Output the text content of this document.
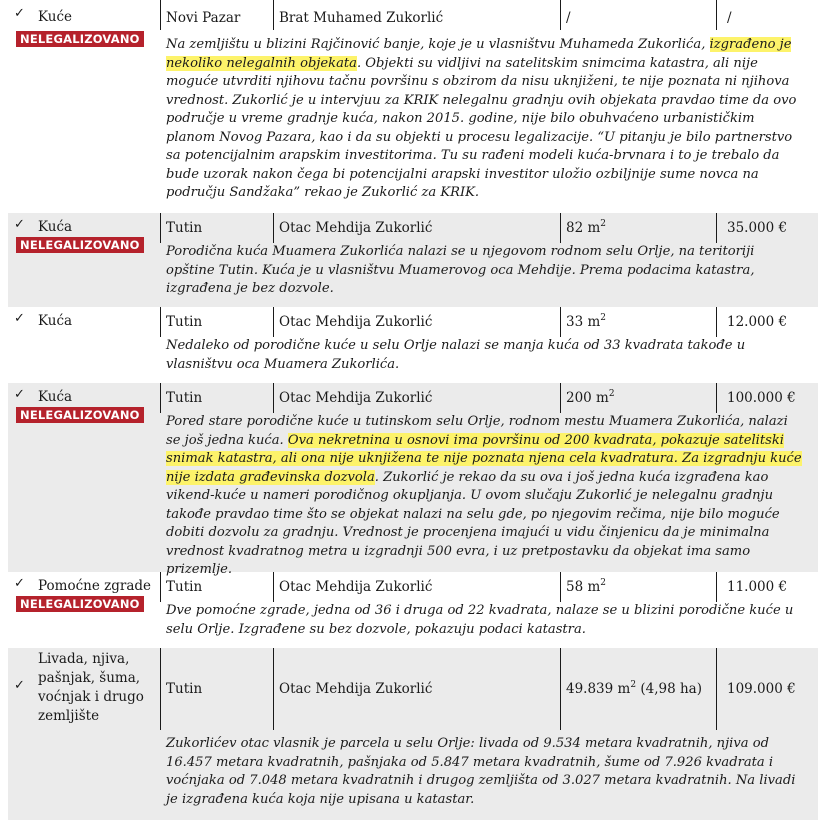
✓ Kuće
NELEGALIZOVANO
Novi Pazar	Brat Muhamed Zukorlić	/	/
Na zemljištu u blizini Rajčinović banje, koje je u vlasništvu Muhameda Zukorlića, izgrađeno je nekoliko nelegalnih objekata. Objekti su vidljivi na satelitskim snimcima katastra, ali nije moguće utvrditi njihovu tačnu površinu s obzirom da nisu uknjiženi, te nije poznata ni njihova vrednost. Zukorlić je u intervjuu za KRIK nelegalnu gradnju ovih objekata pravdao time da ovo područje u vreme gradnje kuća, nakon 2015. godine, nije bilo obuhvaćeno urbanističkim planom Novog Pazara, kao i da su objekti u procesu legalizacije. “U pitanju je bilo partnerstvo sa potencijalnim arapskim investitorima. Tu su rađeni modeli kuća-brvnara i to je trebalo da bude uzorak nakon čega bi potencijalni arapski investitor uložio ozbiljnije sume novca na području Sandžaka” rekao je Zukorlić za KRIK.
✓ Kuća
NELEGALIZOVANO
Tutin	Otac Mehdija Zukorlić	82 $m^2$	35.000 €
Porodična kuća Muamera Zukorlića nalazi se u njegovom rodnom selu Orlje, na teritoriji opštine Tutin. Kuća je u vlasništvu Muamerovog oca Mehdije. Prema podacima katastra, izgrađena je bez dozvole.
✓ Kuća	Tutin	Otac Mehdija Zukorlić	33 $m^2$	12.000 €
Nedaleko od porodične kuće u selu Orlje nalazi se manja kuća od 33 kvadrata takođe u vlasništvu oca Muamera Zukorlića.
✓ Kuća
NELEGALIZOVANO
Tutin	Otac Mehdija Zukorlić	200 $m^2$	100.000 €
Pored stare porodične kuće u tutinskom selu Orlje, rodnom mestu Muamera Zukorlića, nalazi se još jedna kuća. Ova nekretnina u osnovi ima površinu od 200 kvadrata, pokazuje satelitski snimak katastra, ali ona nije uknjižena te nije poznata njena cela kvadratura. Za izgradnju kuće nije izdata građevinska dozvola. Zukorlić je rekao da su ova i još jedna kuća izgrađena kao vikend-kuće u nameri porodičnog okupljanja. U ovom slučaju Zukorlić je nelegalnu gradnju takođe pravdao time što se objekat nalazi na selu gde, po njegovim rečima, nije bilo moguće dobiti dozvolu za gradnju. Vrednost je procenjena imajući u vidu činjenicu da je minimalna vrednost kvadratnog metra u izgradnji 500 evra, i uz pretpostavku da objekat ima samo prizemlje.
✓ Pomoćne zgrade
NELEGALIZOVANO
Tutin	Otac Mehdija Zukorlić	58 $m^2$	11.000 €
Dve pomoćne zgrade, jedna od 36 i druga od 22 kvadrata, nalaze se u blizini porodične kuće u selu Orlje. Izgrađene su bez dozvole, pokazuju podaci katastra.
✓
Livada, njiva, pašnjak, šuma, voćnjak i drugo zemljište
Tutin	Otac Mehdija Zukorlić	49.839 $m^2$ (4,98 ha) 109.000 €
Zukorlićev otac vlasnik je parcela u selu Orlje: livada od 9.534 metara kvadratnih, njiva od 16.457 metara kvadratnih, pašnjaka od 5.847 metara kvadratnih, šume od 7.926 kvadrata i voćnjaka od 7.048 metara kvadratnih i drugog zemljišta od 3.027 metara kvadratnih. Na livadi je izgrađena kuća koja nije upisana u katastar.
